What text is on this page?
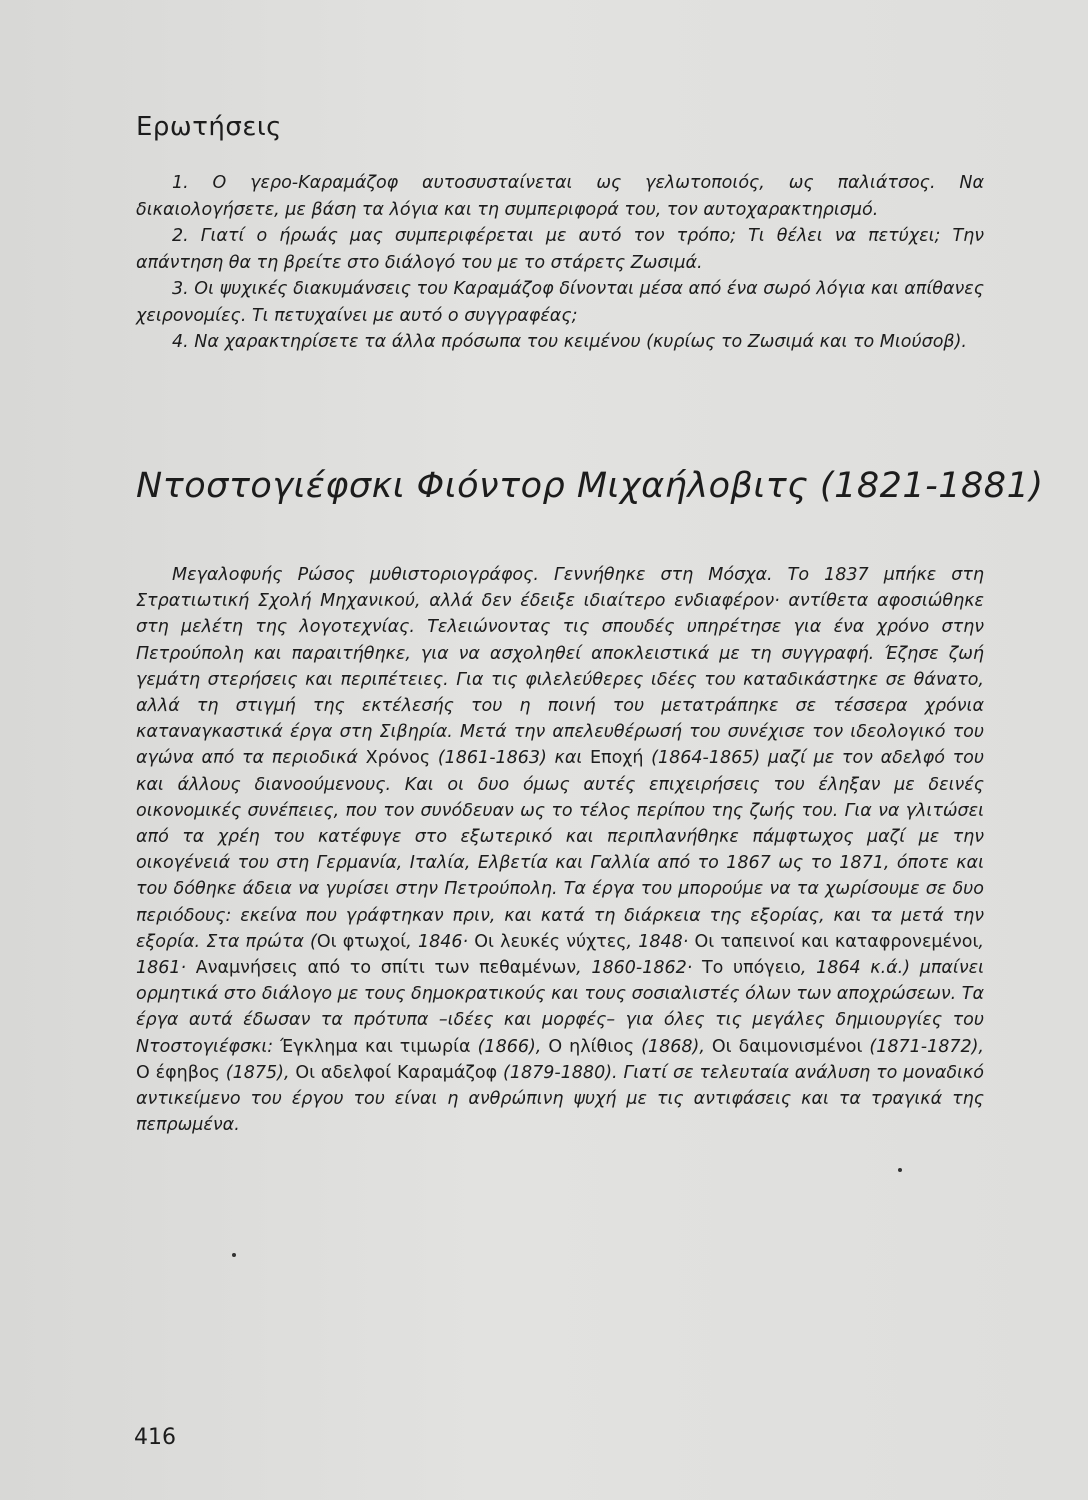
Ερωτήσεις

1. Ο γερο-Καραμάζοφ αυτοσυσταίνεται ως γελωτοποιός, ως παλιάτσος. Να δικαιολογήσετε, με βάση τα λόγια και τη συμπεριφορά του, τον αυτοχαρακτηρισμό.

2. Γιατί ο ήρωάς μας συμπεριφέρεται με αυτό τον τρόπο; Τι θέλει να πετύχει; Την απάντηση θα τη βρείτε στο διάλογό του με το στάρετς Ζωσιμά.

3. Οι ψυχικές διακυμάνσεις του Καραμάζοφ δίνονται μέσα από ένα σωρό λόγια και απίθανες χειρονομίες. Τι πετυχαίνει με αυτό ο συγγραφέας;

4. Να χαρακτηρίσετε τα άλλα πρόσωπα του κειμένου (κυρίως το Ζωσιμά και το Μιούσοβ).

Ντοστογιέφσκι Φιόντορ Μιχαήλοβιτς (1821-1881)

Μεγαλοφυής Ρώσος μυθιστοριογράφος. Γεννήθηκε στη Μόσχα. Το 1837 μπήκε στη Στρατιωτική Σχολή Μηχανικού, αλλά δεν έδειξε ιδιαίτερο ενδιαφέρον· αντίθετα αφοσιώθηκε στη μελέτη της λογοτεχνίας. Τελειώνοντας τις σπουδές υπηρέτησε για ένα χρόνο στην Πετρούπολη και παραιτήθηκε, για να ασχοληθεί αποκλειστικά με τη συγγραφή. Έζησε ζωή γεμάτη στερήσεις και περιπέτειες. Για τις φιλελεύθερες ιδέες του καταδικάστηκε σε θάνατο, αλλά τη στιγμή της εκτέλεσής του η ποινή του μετατράπηκε σε τέσσερα χρόνια καταναγκαστικά έργα στη Σιβηρία. Μετά την απελευθέρωσή του συνέχισε τον ιδεολογικό του αγώνα από τα περιοδικά Χρόνος (1861-1863) και Εποχή (1864-1865) μαζί με τον αδελφό του και άλλους διανοούμενους. Και οι δυο όμως αυτές επιχειρήσεις του έληξαν με δεινές οικονομικές συνέπειες, που τον συνόδευαν ως το τέλος περίπου της ζωής του. Για να γλιτώσει από τα χρέη του κατέφυγε στο εξωτερικό και περιπλανήθηκε πάμφτωχος μαζί με την οικογένειά του στη Γερμανία, Ιταλία, Ελβετία και Γαλλία από το 1867 ως το 1871, όποτε και του δόθηκε άδεια να γυρίσει στην Πετρούπολη. Τα έργα του μπορούμε να τα χωρίσουμε σε δυο περιόδους: εκείνα που γράφτηκαν πριν, και κατά τη διάρκεια της εξορίας, και τα μετά την εξορία. Στα πρώτα (Οι φτωχοί, 1846· Οι λευκές νύχτες, 1848· Οι ταπεινοί και καταφρονεμένοι, 1861· Αναμνήσεις από το σπίτι των πεθαμένων, 1860-1862· Το υπόγειο, 1864 κ.ά.) μπαίνει ορμητικά στο διάλογο με τους δημοκρατικούς και τους σοσιαλιστές όλων των αποχρώσεων. Τα έργα αυτά έδωσαν τα πρότυπα –ιδέες και μορφές– για όλες τις μεγάλες δημιουργίες του Ντοστογιέφσκι: Έγκλημα και τιμωρία (1866), Ο ηλίθιος (1868), Οι δαιμονισμένοι (1871-1872), Ο έφηβος (1875), Οι αδελφοί Καραμάζοφ (1879-1880). Γιατί σε τελευταία ανάλυση το μοναδικό αντικείμενο του έργου του είναι η ανθρώπινη ψυχή με τις αντιφάσεις και τα τραγικά της πεπρωμένα.

416
